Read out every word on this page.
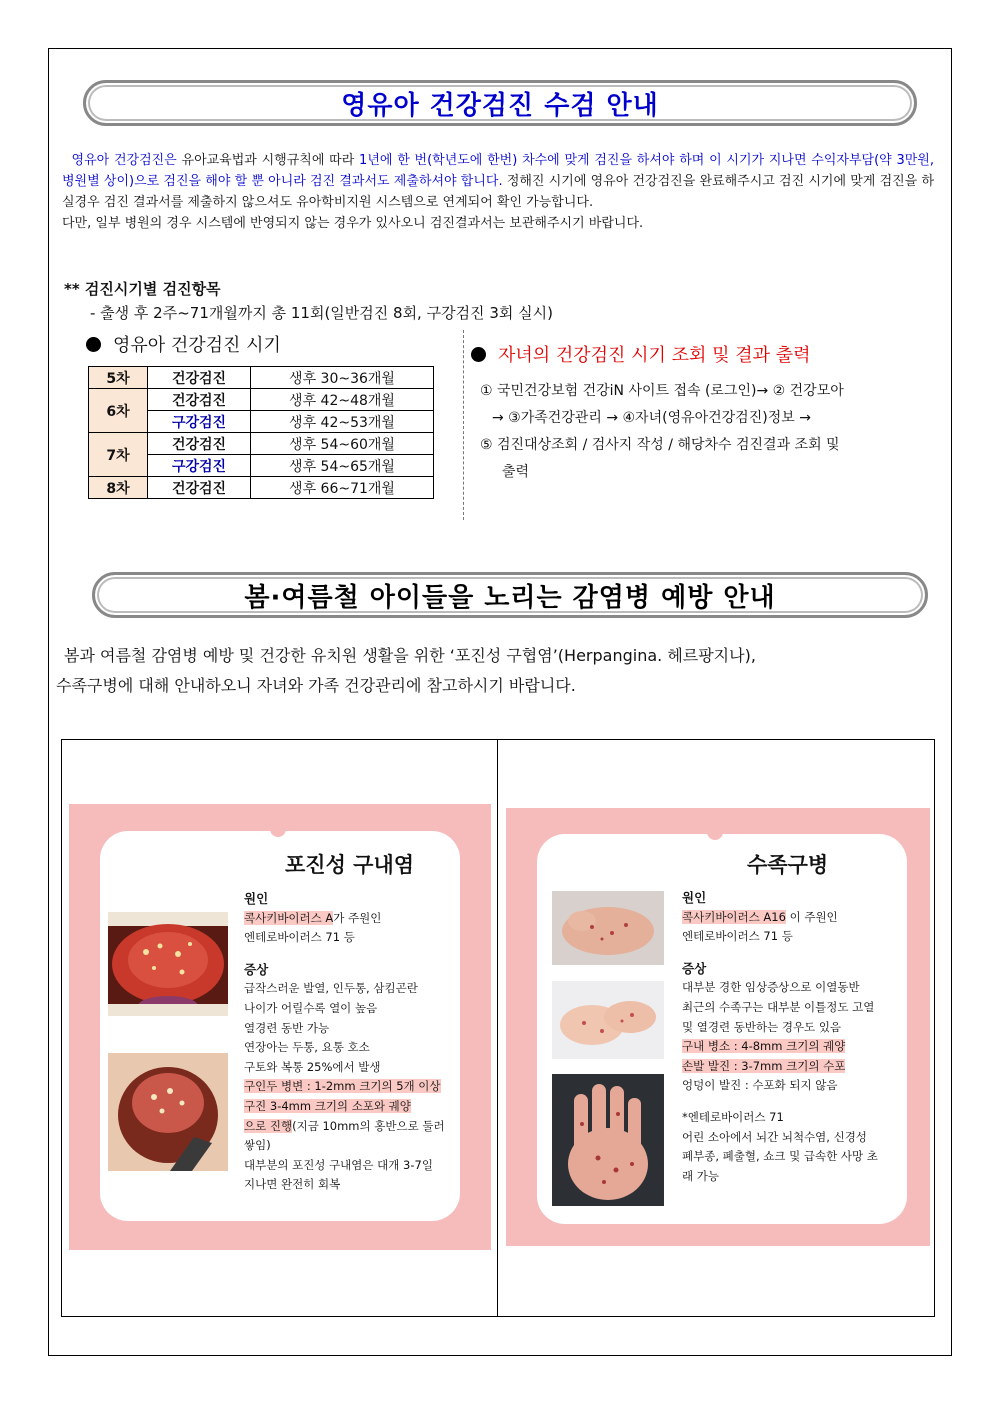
영유아 건강검진 수검 안내
영유아 건강검진은 유아교육법과 시행규칙에 따라 1년에 한 번(학년도에 한번) 차수에 맞게 검진을 하셔야 하며 이 시기가 지나면 수익자부담(약 3만원, 병원별 상이)으로 검진을 해야 할 뿐 아니라 검진 결과서도 제출하셔야 합니다. 정해진 시기에 영유아 건강검진을 완료해주시고 검진 시기에 맞게 검진을 하실경우 검진 결과서를 제출하지 않으셔도 유아학비지원 시스템으로 연계되어 확인 가능합니다.
다만, 일부 병원의 경우 시스템에 반영되지 않는 경우가 있사오니 검진결과서는 보관해주시기 바랍니다.
** 검진시기별 검진항목
- 출생 후 2주~71개월까지 총 11회(일반검진 8회, 구강검진 3회 실시)
영유아 건강검진 시기
5차	건강검진	생후 30~36개월
6차	건강검진	생후 42~48개월
	구강검진	생후 42~53개월
7차	건강검진	생후 54~60개월
	구강검진	생후 54~65개월
8차	건강검진	생후 66~71개월
자녀의 건강검진 시기 조회 및 결과 출력
① 국민건강보험 건강iN 사이트 접속 (로그인)→ ② 건강모아
→ ③가족건강관리 → ④자녀(영유아건강검진)정보 →
⑤ 검진대상조회 / 검사지 작성 / 해당차수 검진결과 조회 및
출력
봄·여름철 아이들을 노리는 감염병 예방 안내
봄과 여름철 감염병 예방 및 건강한 유치원 생활을 위한 ‘포진성 구협염’(Herpangina. 헤르팡지나),
수족구병에 대해 안내하오니 자녀와 가족 건강관리에 참고하시기 바랍니다.
포진성 구내염
원인
콕사키바이러스 A가 주원인
엔테로바이러스 71 등
증상
급작스러운 발열, 인두통, 삼킴곤란
나이가 어릴수록 열이 높음
열경련 동반 가능
연장아는 두통, 요통 호소
구토와 복통 25%에서 발생
구인두 병변 : 1-2mm 크기의 5개 이상
구진 3-4mm 크기의 소포와 궤양
으로 진행(지금 10mm의 홍반으로 둘러
쌓임)
대부분의 포진성 구내염은 대개 3-7일
지나면 완전히 회복
수족구병
원인
콕사키바이러스 A16 이 주원인
엔테로바이러스 71 등
증상
대부분 경한 임상증상으로 이열동반
최근의 수족구는 대부분 이틀정도 고열
및 열경련 동반하는 경우도 있음
구내 병소 : 4-8mm 크기의 궤양
손발 발진 : 3-7mm 크기의 수포
엉덩이 발진 : 수포화 되지 않음
*엔테로바이러스 71
어린 소아에서 뇌간 뇌척수염, 신경성
폐부종, 폐출혈, 쇼크 및 급속한 사망 초
래 가능
